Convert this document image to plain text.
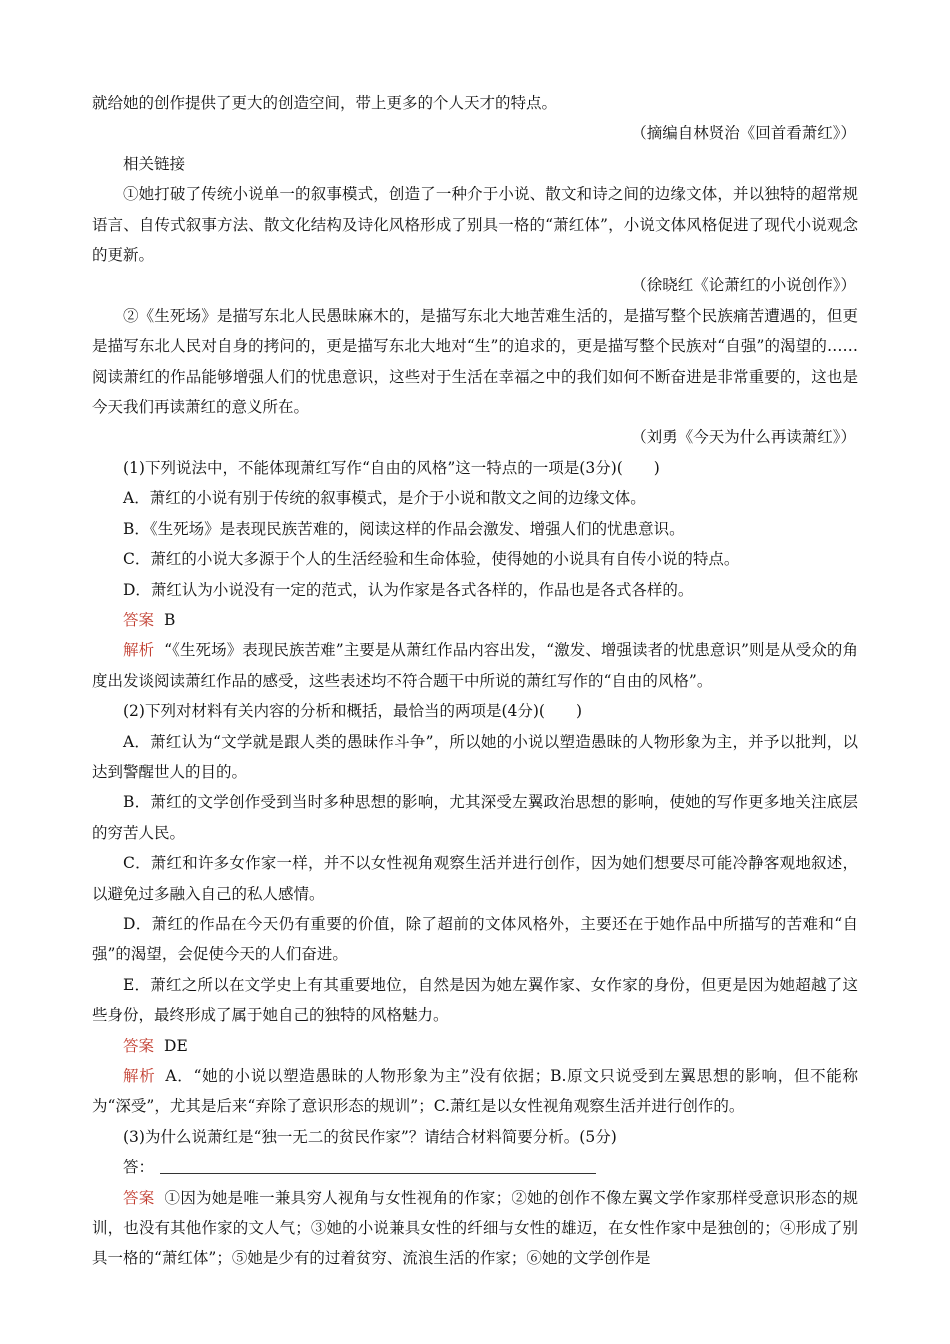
就给她的创作提供了更大的创造空间，带上更多的个人天才的特点。

（摘编自林贤治《回首看萧红》）

相关链接

①她打破了传统小说单一的叙事模式，创造了一种介于小说、散文和诗之间的边缘文体，并以独特的超常规语言、自传式叙事方法、散文化结构及诗化风格形成了别具一格的“萧红体”，小说文体风格促进了现代小说观念的更新。

（徐晓红《论萧红的小说创作》）

②《生死场》是描写东北人民愚昧麻木的，是描写东北大地苦难生活的，是描写整个民族痛苦遭遇的，但更是描写东北人民对自身的拷问的，更是描写东北大地对“生”的追求的，更是描写整个民族对“自强”的渴望的……阅读萧红的作品能够增强人们的忧患意识，这些对于生活在幸福之中的我们如何不断奋进是非常重要的，这也是今天我们再读萧红的意义所在。

（刘勇《今天为什么再读萧红》）

(1)下列说法中，不能体现萧红写作“自由的风格”这一特点的一项是(3分)(　　)

A．萧红的小说有别于传统的叙事模式，是介于小说和散文之间的边缘文体。

B．《生死场》是表现民族苦难的，阅读这样的作品会激发、增强人们的忧患意识。

C．萧红的小说大多源于个人的生活经验和生命体验，使得她的小说具有自传小说的特点。

D．萧红认为小说没有一定的范式，认为作家是各式各样的，作品也是各式各样的。

答案 B

解析 “《生死场》表现民族苦难”主要是从萧红作品内容出发，“激发、增强读者的忧患意识”则是从受众的角度出发谈阅读萧红作品的感受，这些表述均不符合题干中所说的萧红写作的“自由的风格”。

(2)下列对材料有关内容的分析和概括，最恰当的两项是(4分)(　　)

A．萧红认为“文学就是跟人类的愚昧作斗争”，所以她的小说以塑造愚昧的人物形象为主，并予以批判，以达到警醒世人的目的。

B．萧红的文学创作受到当时多种思想的影响，尤其深受左翼政治思想的影响，使她的写作更多地关注底层的穷苦人民。

C．萧红和许多女作家一样，并不以女性视角观察生活并进行创作，因为她们想要尽可能冷静客观地叙述，以避免过多融入自己的私人感情。

D．萧红的作品在今天仍有重要的价值，除了超前的文体风格外，主要还在于她作品中所描写的苦难和“自强”的渴望，会促使今天的人们奋进。

E．萧红之所以在文学史上有其重要地位，自然是因为她左翼作家、女作家的身份，但更是因为她超越了这些身份，最终形成了属于她自己的独特的风格魅力。

答案 DE

解析 A．“她的小说以塑造愚昧的人物形象为主”没有依据；B.原文只说受到左翼思想的影响，但不能称为“深受”，尤其是后来“弃除了意识形态的规训”；C.萧红是以女性视角观察生活并进行创作的。

(3)为什么说萧红是“独一无二的贫民作家”？请结合材料简要分析。(5分)

答：

答案 ①因为她是唯一兼具穷人视角与女性视角的作家；②她的创作不像左翼文学作家那样受意识形态的规训，也没有其他作家的文人气；③她的小说兼具女性的纤细与女性的雄迈，在女性作家中是独创的；④形成了别具一格的“萧红体”；⑤她是少有的过着贫穷、流浪生活的作家；⑥她的文学创作是
